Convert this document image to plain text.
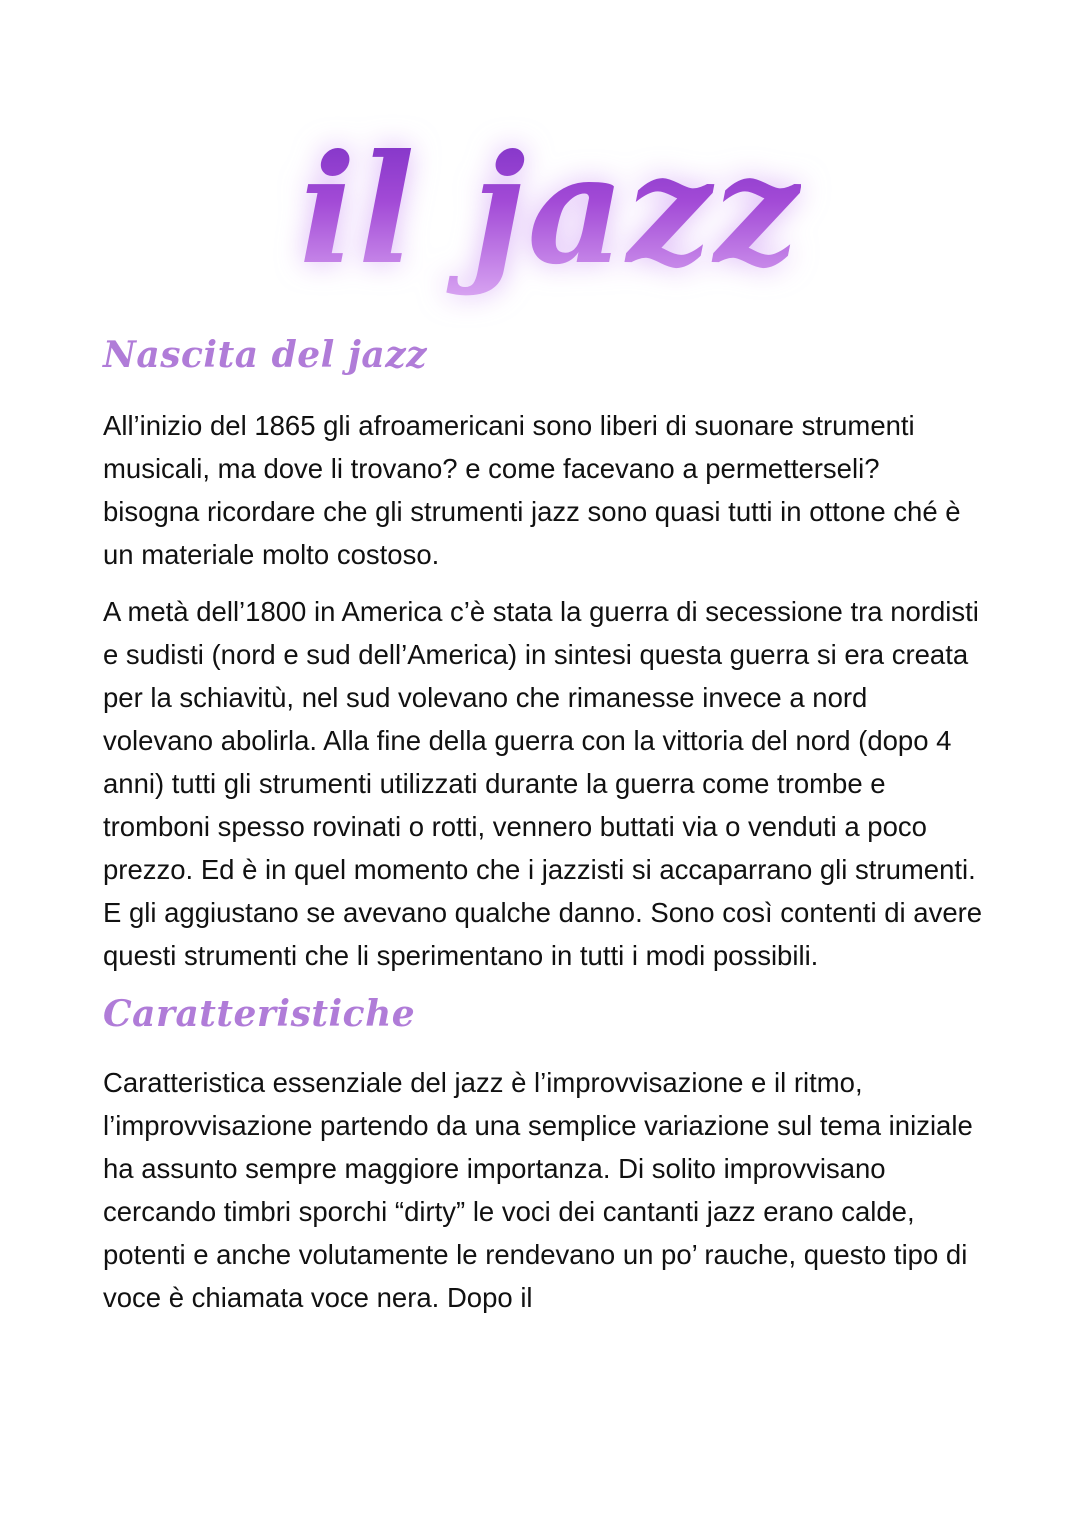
il jazz
Nascita del jazz

All’inizio del 1865 gli afroamericani sono liberi di suonare strumenti musicali, ma dove li trovano? e come facevano a permetterseli? bisogna ricordare che gli strumenti jazz sono quasi tutti in ottone ché è un materiale molto costoso.

A metà dell’1800 in America c’è stata la guerra di secessione tra nordisti e sudisti (nord e sud dell’America) in sintesi questa guerra si era creata per la schiavitù, nel sud volevano che rimanesse invece a nord volevano abolirla. Alla fine della guerra con la vittoria del nord (dopo 4 anni) tutti gli strumenti utilizzati durante la guerra come trombe e tromboni spesso rovinati o rotti, vennero buttati via o venduti a poco prezzo. Ed è in quel momento che i jazzisti si accaparrano gli strumenti. E gli aggiustano se avevano qualche danno. Sono così contenti di avere questi strumenti che li sperimentano in tutti i modi possibili.

Caratteristiche

Caratteristica essenziale del jazz è l’improvvisazione e il ritmo, l’improvvisazione partendo da una semplice variazione sul tema iniziale ha assunto sempre maggiore importanza. Di solito improvvisano cercando timbri sporchi “dirty” le voci dei cantanti jazz erano calde, potenti e anche volutamente le rendevano un po’ rauche, questo tipo di voce è chiamata voce nera. Dopo il
